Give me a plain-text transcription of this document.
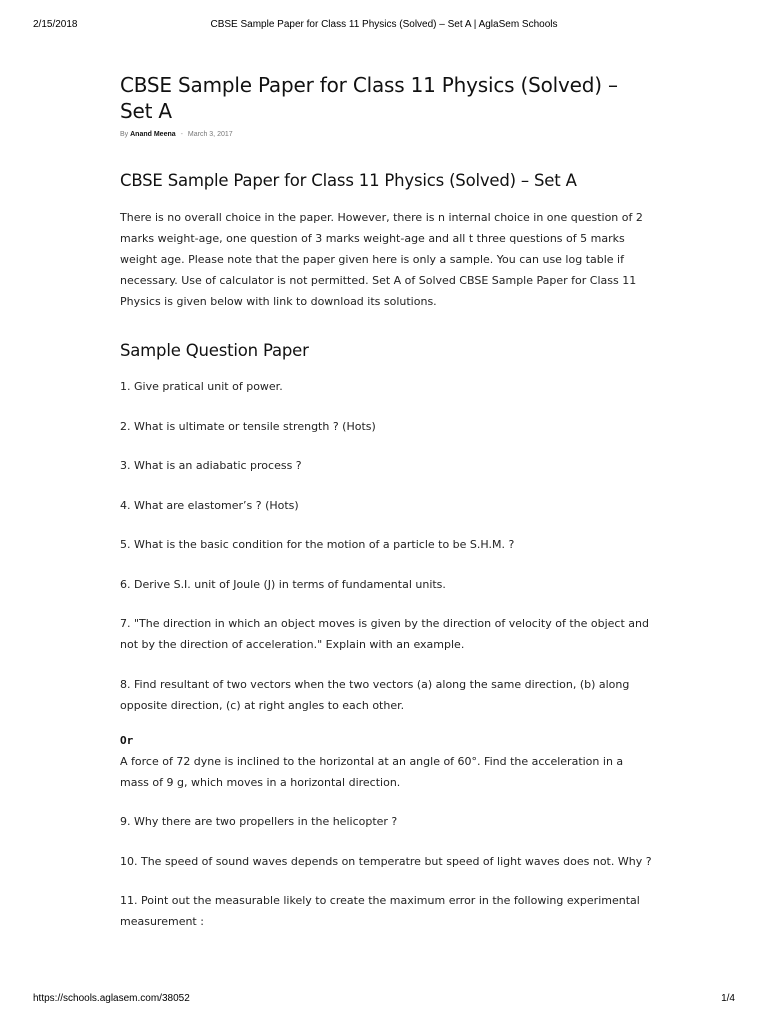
2/15/2018	CBSE Sample Paper for Class 11 Physics (Solved) – Set A | AglaSem Schools
CBSE Sample Paper for Class 11 Physics (Solved) – Set A
By Anand Meena - March 3, 2017
CBSE Sample Paper for Class 11 Physics (Solved) – Set A

There is no overall choice in the paper. However, there is n internal choice in one question of 2 marks weight-age, one question of 3 marks weight-age and all t three questions of 5 marks weight age. Please note that the paper given here is only a sample. You can use log table if necessary. Use of calculator is not permitted. Set A of Solved CBSE Sample Paper for Class 11 Physics is given below with link to download its solutions.

Sample Question Paper

1. Give pratical unit of power.

2. What is ultimate or tensile strength ? (Hots)

3. What is an adiabatic process ?

4. What are elastomer’s ? (Hots)

5. What is the basic condition for the motion of a particle to be S.H.M. ?

6. Derive S.I. unit of Joule (J) in terms of fundamental units.

7. "The direction in which an object moves is given by the direction of velocity of the object and not by the direction of acceleration." Explain with an example.

8. Find resultant of two vectors when the two vectors (a) along the same direction, (b) along opposite direction, (c) at right angles to each other.

Or

A force of 72 dyne is inclined to the horizontal at an angle of 60°. Find the acceleration in a mass of 9 g, which moves in a horizontal direction.

9. Why there are two propellers in the helicopter ?

10. The speed of sound waves depends on temperatre but speed of light waves does not. Why ?

11. Point out the measurable likely to create the maximum error in the following experimental measurement :

https://schools.aglasem.com/38052	1/4
